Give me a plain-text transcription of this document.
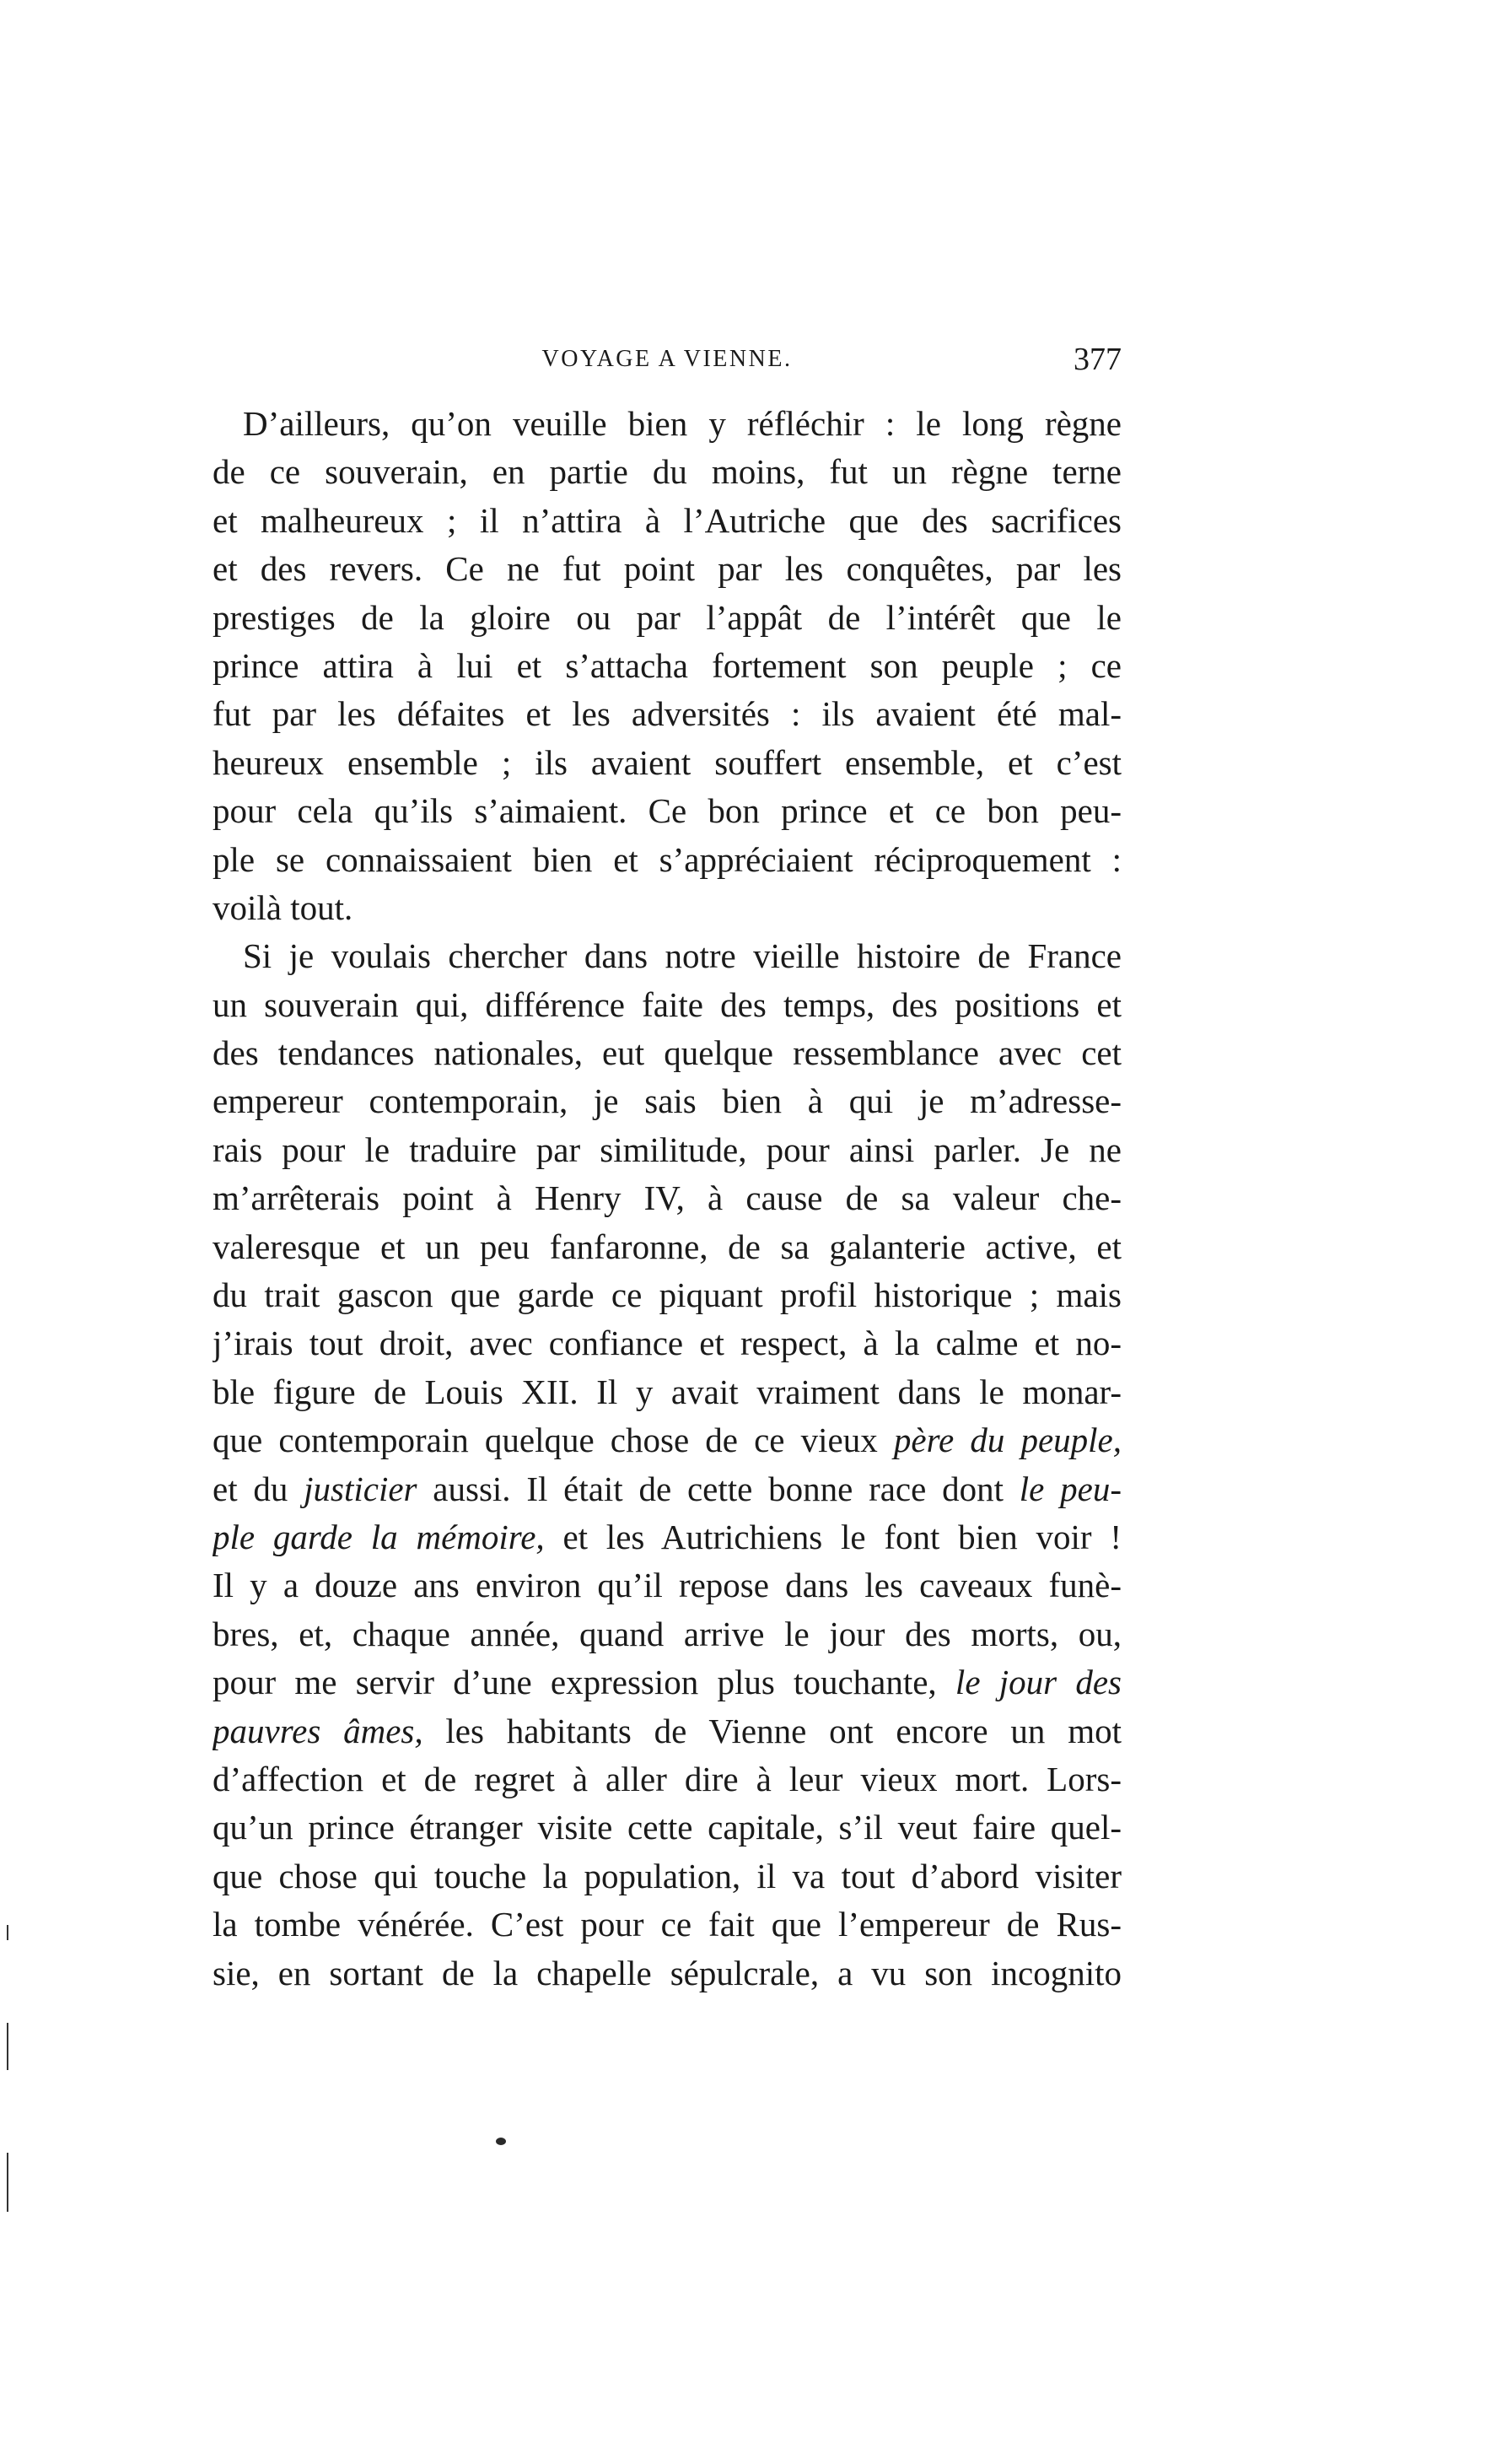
VOYAGE A VIENNE.	377
D’ailleurs, qu’on veuille bien y réfléchir : le long règne
de ce souverain, en partie du moins, fut un règne terne
et malheureux ; il n’attira à l’Autriche que des sacrifices
et des revers. Ce ne fut point par les conquêtes, par les
prestiges de la gloire ou par l’appât de l’intérêt que le
prince attira à lui et s’attacha fortement son peuple ; ce
fut par les défaites et les adversités : ils avaient été mal-
heureux ensemble ; ils avaient souffert ensemble, et c’est
pour cela qu’ils s’aimaient. Ce bon prince et ce bon peu-
ple se connaissaient bien et s’appréciaient réciproquement :
voilà tout.
Si je voulais chercher dans notre vieille histoire de France
un souverain qui, différence faite des temps, des positions et
des tendances nationales, eut quelque ressemblance avec cet
empereur contemporain, je sais bien à qui je m’adresse-
rais pour le traduire par similitude, pour ainsi parler. Je ne
m’arrêterais point à Henry IV, à cause de sa valeur che-
valeresque et un peu fanfaronne, de sa galanterie active, et
du trait gascon que garde ce piquant profil historique ; mais
j’irais tout droit, avec confiance et respect, à la calme et no-
ble figure de Louis XII. Il y avait vraiment dans le monar-
que contemporain quelque chose de ce vieux père du peuple,
et du justicier aussi. Il était de cette bonne race dont le peu-
ple garde la mémoire, et les Autrichiens le font bien voir !
Il y a douze ans environ qu’il repose dans les caveaux funè-
bres, et, chaque année, quand arrive le jour des morts, ou,
pour me servir d’une expression plus touchante, le jour des
pauvres âmes, les habitants de Vienne ont encore un mot
d’affection et de regret à aller dire à leur vieux mort. Lors-
qu’un prince étranger visite cette capitale, s’il veut faire quel-
que chose qui touche la population, il va tout d’abord visiter
la tombe vénérée. C’est pour ce fait que l’empereur de Rus-
sie, en sortant de la chapelle sépulcrale, a vu son incognito
